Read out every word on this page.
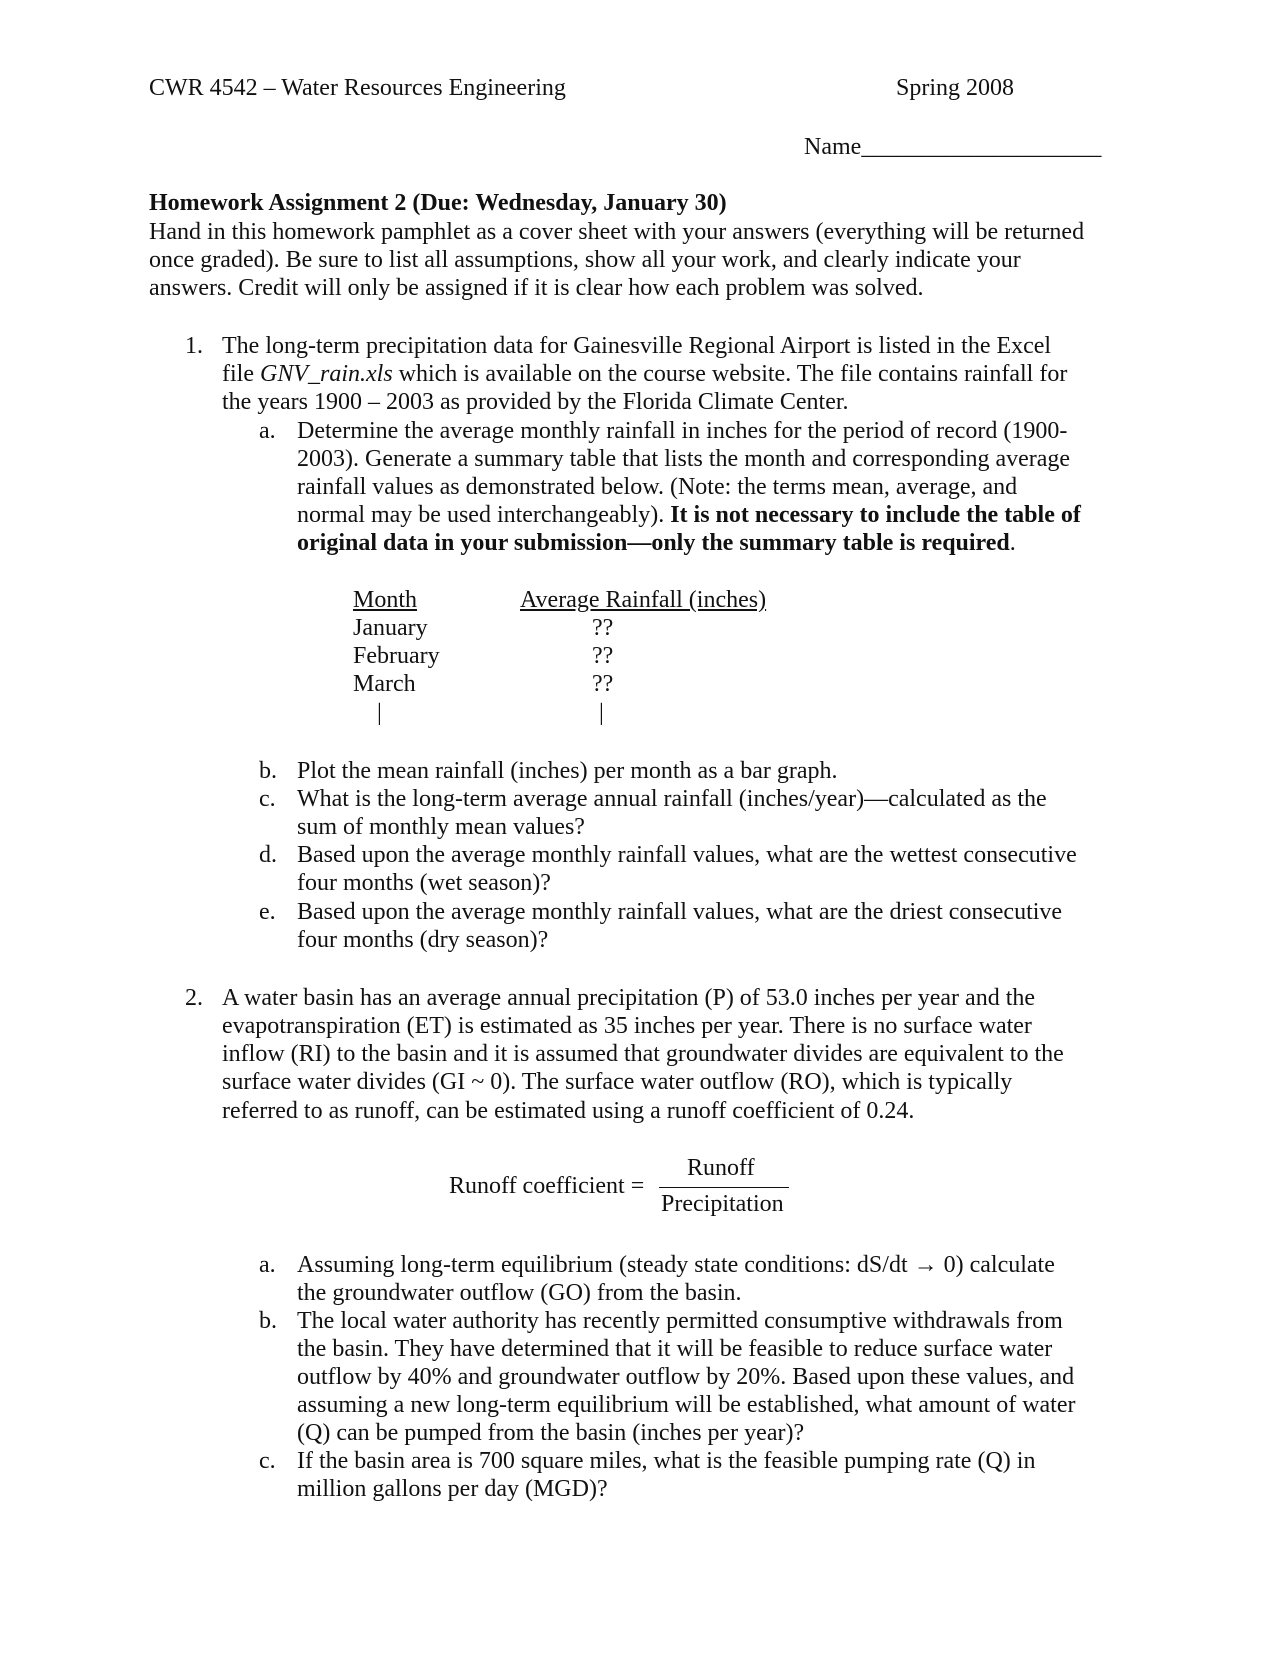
CWR 4542 – Water Resources Engineering	Spring 2008
Name____________________
Homework Assignment 2 (Due: Wednesday, January 30)
Hand in this homework pamphlet as a cover sheet with your answers (everything will be returned
once graded). Be sure to list all assumptions, show all your work, and clearly indicate your
answers. Credit will only be assigned if it is clear how each problem was solved.
1. The long-term precipitation data for Gainesville Regional Airport is listed in the Excel
file GNV_rain.xls which is available on the course website. The file contains rainfall for
the years 1900 – 2003 as provided by the Florida Climate Center.
a. Determine the average monthly rainfall in inches for the period of record (1900-
2003). Generate a summary table that lists the month and corresponding average
rainfall values as demonstrated below. (Note: the terms mean, average, and
normal may be used interchangeably). It is not necessary to include the table of
original data in your submission—only the summary table is required.
Month	Average Rainfall (inches)
January	??
February	??
March	??
|	|
b. Plot the mean rainfall (inches) per month as a bar graph.
c. What is the long-term average annual rainfall (inches/year)—calculated as the
sum of monthly mean values?
d. Based upon the average monthly rainfall values, what are the wettest consecutive
four months (wet season)?
e. Based upon the average monthly rainfall values, what are the driest consecutive
four months (dry season)?
2. A water basin has an average annual precipitation (P) of 53.0 inches per year and the
evapotranspiration (ET) is estimated as 35 inches per year. There is no surface water
inflow (RI) to the basin and it is assumed that groundwater divides are equivalent to the
surface water divides (GI ~ 0). The surface water outflow (RO), which is typically
referred to as runoff, can be estimated using a runoff coefficient of 0.24.
Runoff coefficient =
Runoff
Precipitation
a. Assuming long-term equilibrium (steady state conditions: dS/dt → 0) calculate
the groundwater outflow (GO) from the basin.
b. The local water authority has recently permitted consumptive withdrawals from
the basin. They have determined that it will be feasible to reduce surface water
outflow by 40% and groundwater outflow by 20%. Based upon these values, and
assuming a new long-term equilibrium will be established, what amount of water
(Q) can be pumped from the basin (inches per year)?
c. If the basin area is 700 square miles, what is the feasible pumping rate (Q) in
million gallons per day (MGD)?
